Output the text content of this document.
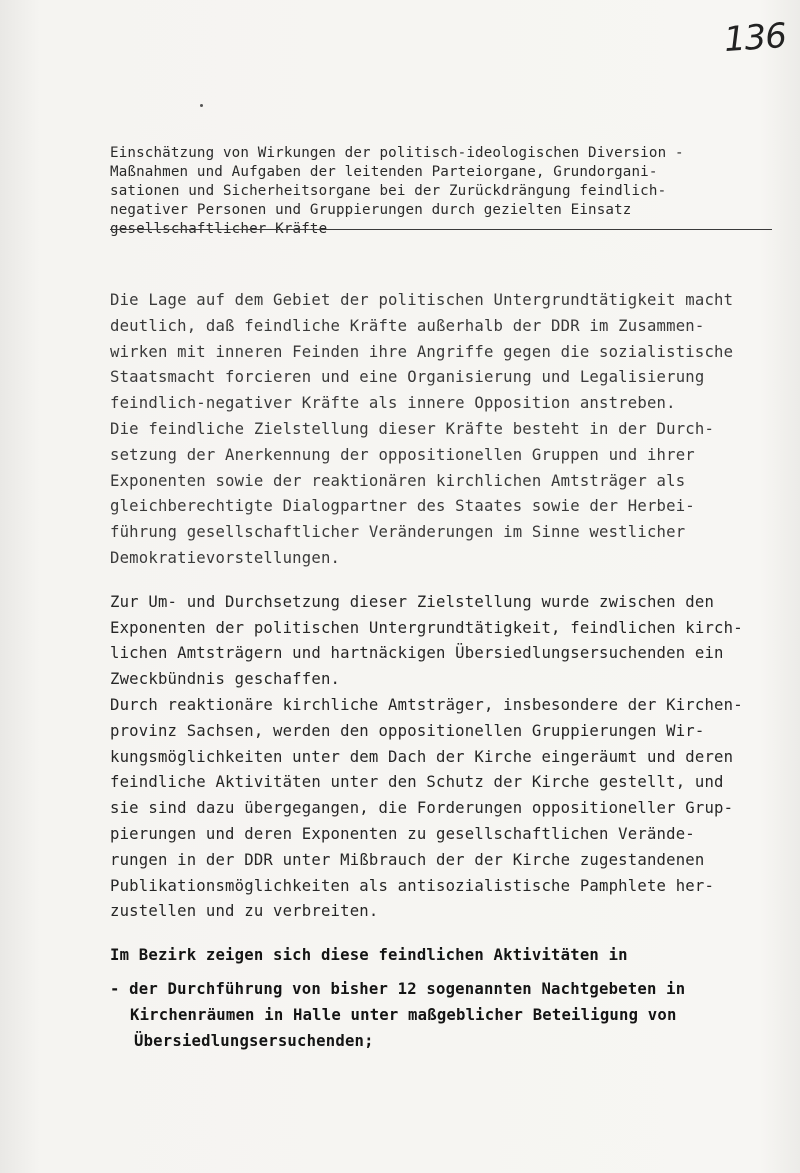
136
Einschätzung von Wirkungen der politisch-ideologischen Diversion -
Maßnahmen und Aufgaben der leitenden Parteiorgane, Grundorgani-
sationen und Sicherheitsorgane bei der Zurückdrängung feindlich-
negativer Personen und Gruppierungen durch gezielten Einsatz
gesellschaftlicher Kräfte
Die Lage auf dem Gebiet der politischen Untergrundtätigkeit macht
deutlich, daß feindliche Kräfte außerhalb der DDR im Zusammen-
wirken mit inneren Feinden ihre Angriffe gegen die sozialistische
Staatsmacht forcieren und eine Organisierung und Legalisierung
feindlich-negativer Kräfte als innere Opposition anstreben.
Die feindliche Zielstellung dieser Kräfte besteht in der Durch-
setzung der Anerkennung der oppositionellen Gruppen und ihrer
Exponenten sowie der reaktionären kirchlichen Amtsträger als
gleichberechtigte Dialogpartner des Staates sowie der Herbei-
führung gesellschaftlicher Veränderungen im Sinne westlicher
Demokratievorstellungen.
Zur Um- und Durchsetzung dieser Zielstellung wurde zwischen den
Exponenten der politischen Untergrundtätigkeit, feindlichen kirch-
lichen Amtsträgern und hartnäckigen Übersiedlungsersuchenden ein
Zweckbündnis geschaffen.
Durch reaktionäre kirchliche Amtsträger, insbesondere der Kirchen-
provinz Sachsen, werden den oppositionellen Gruppierungen Wir-
kungsmöglichkeiten unter dem Dach der Kirche eingeräumt und deren
feindliche Aktivitäten unter den Schutz der Kirche gestellt, und
sie sind dazu übergegangen, die Forderungen oppositioneller Grup-
pierungen und deren Exponenten zu gesellschaftlichen Verände-
rungen in der DDR unter Mißbrauch der der Kirche zugestandenen
Publikationsmöglichkeiten als antisozialistische Pamphlete her-
zustellen und zu verbreiten.
Im Bezirk zeigen sich diese feindlichen Aktivitäten in
- der Durchführung von bisher 12 sogenannten Nachtgebeten in
Kirchenräumen in Halle unter maßgeblicher Beteiligung von
Übersiedlungsersuchenden;
